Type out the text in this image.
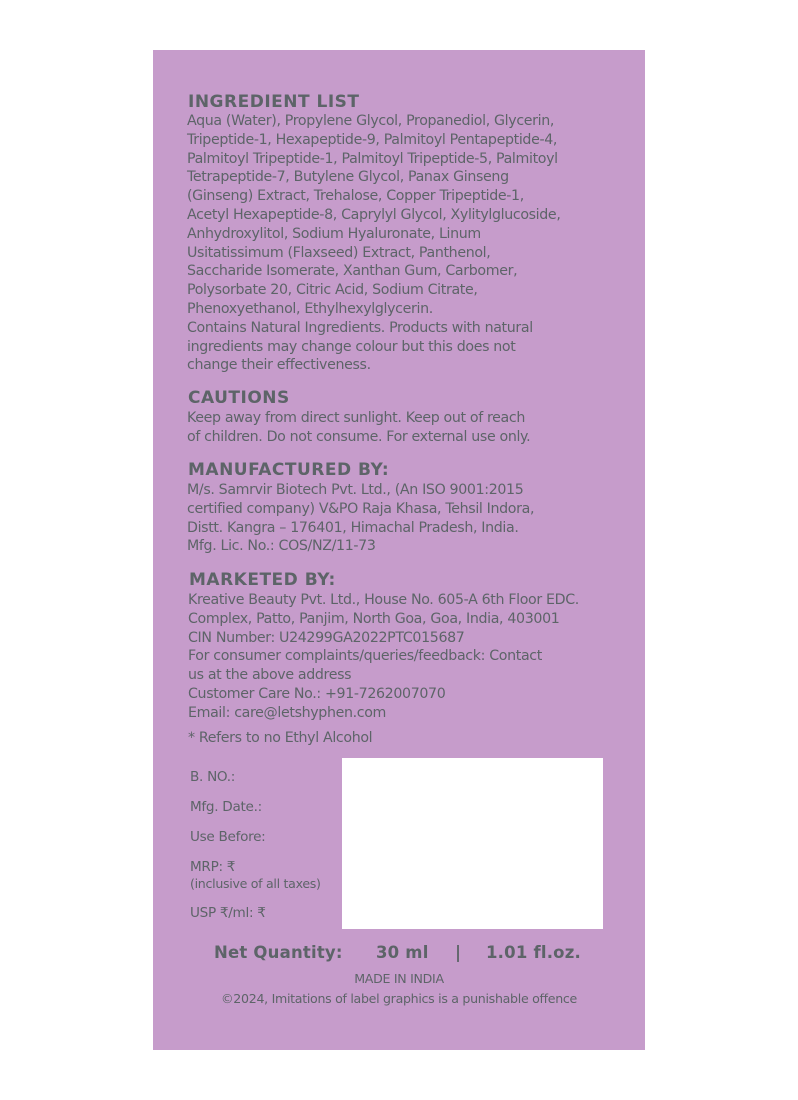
INGREDIENT LIST
Aqua (Water), Propylene Glycol, Propanediol, Glycerin,
Tripeptide-1, Hexapeptide-9, Palmitoyl Pentapeptide-4,
Palmitoyl Tripeptide-1, Palmitoyl Tripeptide-5, Palmitoyl
Tetrapeptide-7, Butylene Glycol, Panax Ginseng
(Ginseng) Extract, Trehalose, Copper Tripeptide-1,
Acetyl Hexapeptide-8, Caprylyl Glycol, Xylitylglucoside,
Anhydroxylitol, Sodium Hyaluronate, Linum
Usitatissimum (Flaxseed) Extract, Panthenol,
Saccharide Isomerate, Xanthan Gum, Carbomer,
Polysorbate 20, Citric Acid, Sodium Citrate,
Phenoxyethanol, Ethylhexylglycerin.
Contains Natural Ingredients. Products with natural
ingredients may change colour but this does not
change their effectiveness.
CAUTIONS
Keep away from direct sunlight. Keep out of reach
of children. Do not consume. For external use only.
MANUFACTURED BY:
M/s. Samrvir Biotech Pvt. Ltd., (An ISO 9001:2015
certified company) V&PO Raja Khasa, Tehsil Indora,
Distt. Kangra – 176401, Himachal Pradesh, India.
Mfg. Lic. No.: COS/NZ/11-73
MARKETED BY:
Kreative Beauty Pvt. Ltd., House No. 605-A 6th Floor EDC.
Complex, Patto, Panjim, North Goa, Goa, India, 403001
CIN Number: U24299GA2022PTC015687
For consumer complaints/queries/feedback: Contact
us at the above address
Customer Care No.: +91-7262007070
Email: care@letshyphen.com
* Refers to no Ethyl Alcohol
B. NO.:
Mfg. Date.:
Use Before:
MRP: ₹
(inclusive of all taxes)
USP ₹/ml: ₹
Net Quantity: 30 ml | 1.01 fl.oz.
MADE IN INDIA
©2024, Imitations of label graphics is a punishable offence
